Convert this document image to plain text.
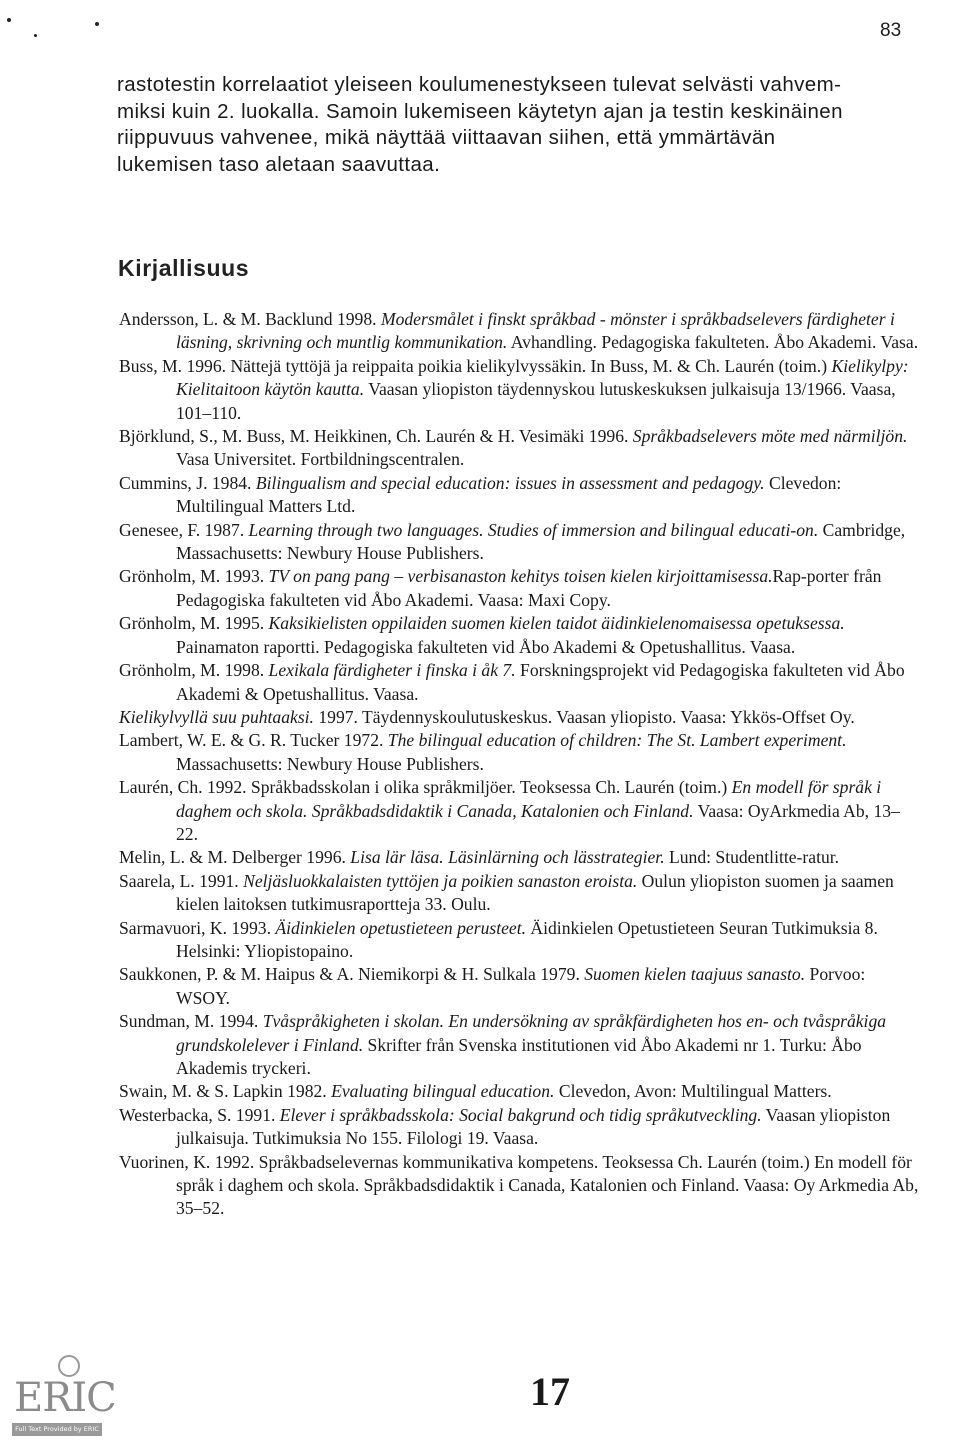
83
rastotestin korrelaatiot yleiseen koulumenestykseen tulevat selvästi vahvem-
miksi kuin 2. luokalla. Samoin lukemiseen käytetyn ajan ja testin keskinäinen
riippuvuus vahvenee, mikä näyttää viittaavan siihen, että ymmärtävän
lukemisen taso aletaan saavuttaa.
Kirjallisuus
Andersson, L. & M. Backlund 1998. Modersmålet i finskt språkbad - mönster i språkbadselevers färdigheter i läsning, skrivning och muntlig kommunikation. Avhandling. Pedagogiska fakulteten. Åbo Akademi. Vasa.
Buss, M. 1996. Nättejä tyttöjä ja reippaita poikia kielikylvyssäkin. In Buss, M. & Ch. Laurén (toim.) Kielikylpy: Kielitaitoon käytön kautta. Vaasan yliopiston täydennyskou lutuskeskuksen julkaisuja 13/1966. Vaasa, 101–110.
Björklund, S., M. Buss, M. Heikkinen, Ch. Laurén & H. Vesimäki 1996. Språkbadselevers möte med närmiljön. Vasa Universitet. Fortbildningscentralen.
Cummins, J. 1984. Bilingualism and special education: issues in assessment and pedagogy. Clevedon: Multilingual Matters Ltd.
Genesee, F. 1987. Learning through two languages. Studies of immersion and bilingual educati-on. Cambridge, Massachusetts: Newbury House Publishers.
Grönholm, M. 1993. TV on pang pang – verbisanaston kehitys toisen kielen kirjoittamisessa.Rap-porter från Pedagogiska fakulteten vid Åbo Akademi. Vaasa: Maxi Copy.
Grönholm, M. 1995. Kaksikielisten oppilaiden suomen kielen taidot äidinkielenomaisessa opetuksessa. Painamaton raportti. Pedagogiska fakulteten vid Åbo Akademi & Opetushallitus. Vaasa.
Grönholm, M. 1998. Lexikala färdigheter i finska i åk 7. Forskningsprojekt vid Pedagogiska fakulteten vid Åbo Akademi & Opetushallitus. Vaasa.
Kielikylvyllä suu puhtaaksi. 1997. Täydennyskoulutuskeskus. Vaasan yliopisto. Vaasa: Ykkös-Offset Oy.
Lambert, W. E. & G. R. Tucker 1972. The bilingual education of children: The St. Lambert experiment. Massachusetts: Newbury House Publishers.
Laurén, Ch. 1992. Språkbadsskolan i olika språkmiljöer. Teoksessa Ch. Laurén (toim.) En modell för språk i daghem och skola. Språkbadsdidaktik i Canada, Katalonien och Finland. Vaasa: OyArkmedia Ab, 13– 22.
Melin, L. & M. Delberger 1996. Lisa lär läsa. Läsinlärning och lässtrategier. Lund: Studentlitte-ratur.
Saarela, L. 1991. Neljäsluokkalaisten tyttöjen ja poikien sanaston eroista. Oulun yliopiston suomen ja saamen kielen laitoksen tutkimusraportteja 33. Oulu.
Sarmavuori, K. 1993. Äidinkielen opetustieteen perusteet. Äidinkielen Opetustieteen Seuran Tutkimuksia 8. Helsinki: Yliopistopaino.
Saukkonen, P. & M. Haipus & A. Niemikorpi & H. Sulkala 1979. Suomen kielen taajuus sanasto. Porvoo: WSOY.
Sundman, M. 1994. Tvåspråkigheten i skolan. En undersökning av språkfärdigheten hos en- och tvåspråkiga grundskolelever i Finland. Skrifter från Svenska institutionen vid Åbo Akademi nr 1. Turku: Åbo Akademis tryckeri.
Swain, M. & S. Lapkin 1982. Evaluating bilingual education. Clevedon, Avon: Multilingual Matters.
Westerbacka, S. 1991. Elever i språkbadsskola: Social bakgrund och tidig språkutveckling. Vaasan yliopiston julkaisuja. Tutkimuksia No 155. Filologi 19. Vaasa.
Vuorinen, K. 1992. Språkbadselevernas kommunikativa kompetens. Teoksessa Ch. Laurén (toim.) En modell för språk i daghem och skola. Språkbadsdidaktik i Canada, Katalonien och Finland. Vaasa: Oy Arkmedia Ab, 35–52.
ERIC
Full Text Provided by ERIC
17
